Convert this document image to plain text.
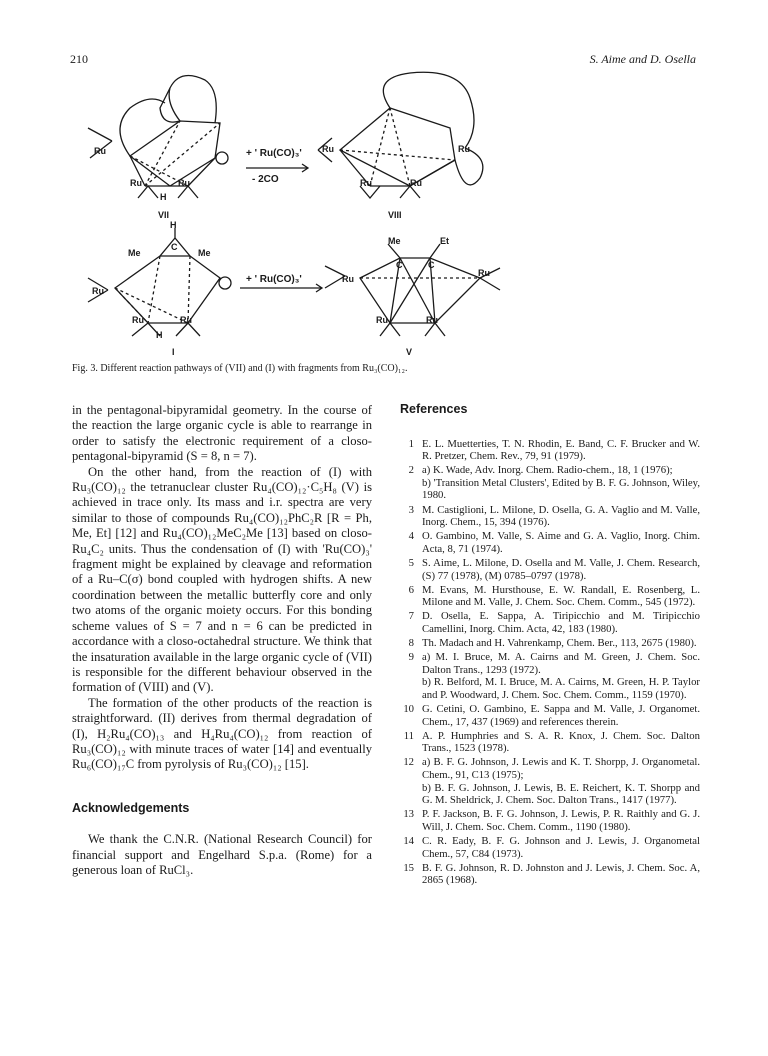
210	S. Aime and D. Osella
Ru
Ru	Ru
H
VII
+ ' Ru(CO)₃'
- 2CO
Ru	Ru
Ru	Ru
VIII
H
Me	Me
C
Ru
Ru	Ru
H
I
+ ' Ru(CO)₃'
Me	Et
C	C
Ru
Ru
Ru	Ru
V
Fig. 3. Different reaction pathways of (VII) and (I) with fragments from Ru₃(CO)₁₂.

in the pentagonal-bipyramidal geometry. In the course of the reaction the large organic cycle is able to rearrange in order to satisfy the electronic requirement of a closo-pentagonal-bipyramid (S = 8, n = 7).

On the other hand, from the reaction of (I) with Ru₃(CO)₁₂ the tetranuclear cluster Ru₄(CO)₁₂·C₅H₈ (V) is achieved in trace only. Its mass and i.r. spectra are very similar to those of compounds Ru₄(CO)₁₂PhC₂R [R = Ph, Me, Et] [12] and Ru₄(CO)₁₂MeC₂Me [13] based on closo-Ru₄C₂ units. Thus the condensation of (I) with 'Ru(CO)₃' fragment might be explained by cleavage and reformation of a Ru–C(σ) bond coupled with hydrogen shifts. A new coordination between the metallic butterfly core and only two atoms of the organic moiety occurs. For this bonding scheme values of S = 7 and n = 6 can be predicted in accordance with a closo-octahedral structure. We think that the insaturation available in the large organic cycle of (VII) is responsible for the different behaviour observed in the formation of (VIII) and (V).

The formation of the other products of the reaction is straightforward. (II) derives from thermal degradation of (I), H₂Ru₄(CO)₁₃ and H₄Ru₄(CO)₁₂ from reaction of Ru₃(CO)₁₂ with minute traces of water [14] and eventually Ru₆(CO)₁₇C from pyrolysis of Ru₃(CO)₁₂ [15].

Acknowledgements

We thank the C.N.R. (National Research Council) for financial support and Engelhard S.p.a. (Rome) for a generous loan of RuCl₃.

References
1 E. L. Muetterties, T. N. Rhodin, E. Band, C. F. Brucker and W. R. Pretzer, Chem. Rev., 79, 91 (1979).
2 a) K. Wade, Adv. Inorg. Chem. Radio-chem., 18, 1 (1976);
b) 'Transition Metal Clusters', Edited by B. F. G. Johnson, Wiley, 1980.
3 M. Castiglioni, L. Milone, D. Osella, G. A. Vaglio and M. Valle, Inorg. Chem., 15, 394 (1976).
4 O. Gambino, M. Valle, S. Aime and G. A. Vaglio, Inorg. Chim. Acta, 8, 71 (1974).
5 S. Aime, L. Milone, D. Osella and M. Valle, J. Chem. Research, (S) 77 (1978), (M) 0785–0797 (1978).
6 M. Evans, M. Hursthouse, E. W. Randall, E. Rosenberg, L. Milone and M. Valle, J. Chem. Soc. Chem. Comm., 545 (1972).
7 D. Osella, E. Sappa, A. Tiripicchio and M. Tiripicchio Camellini, Inorg. Chim. Acta, 42, 183 (1980).
8 Th. Madach and H. Vahrenkamp, Chem. Ber., 113, 2675 (1980).
9 a) M. I. Bruce, M. A. Cairns and M. Green, J. Chem. Soc. Dalton Trans., 1293 (1972).
b) R. Belford, M. I. Bruce, M. A. Cairns, M. Green, H. P. Taylor and P. Woodward, J. Chem. Soc. Chem. Comm., 1159 (1970).
10 G. Cetini, O. Gambino, E. Sappa and M. Valle, J. Organomet. Chem., 17, 437 (1969) and references therein.
11 A. P. Humphries and S. A. R. Knox, J. Chem. Soc. Dalton Trans., 1523 (1978).
12 a) B. F. G. Johnson, J. Lewis and K. T. Shorpp, J. Organometal. Chem., 91, C13 (1975);
b) B. F. G. Johnson, J. Lewis, B. E. Reichert, K. T. Shorpp and G. M. Sheldrick, J. Chem. Soc. Dalton Trans., 1417 (1977).
13 P. F. Jackson, B. F. G. Johnson, J. Lewis, P. R. Raithly and G. J. Will, J. Chem. Soc. Chem. Comm., 1190 (1980).
14 C. R. Eady, B. F. G. Johnson and J. Lewis, J. Organometal Chem., 57, C84 (1973).
15 B. F. G. Johnson, R. D. Johnston and J. Lewis, J. Chem. Soc. A, 2865 (1968).
